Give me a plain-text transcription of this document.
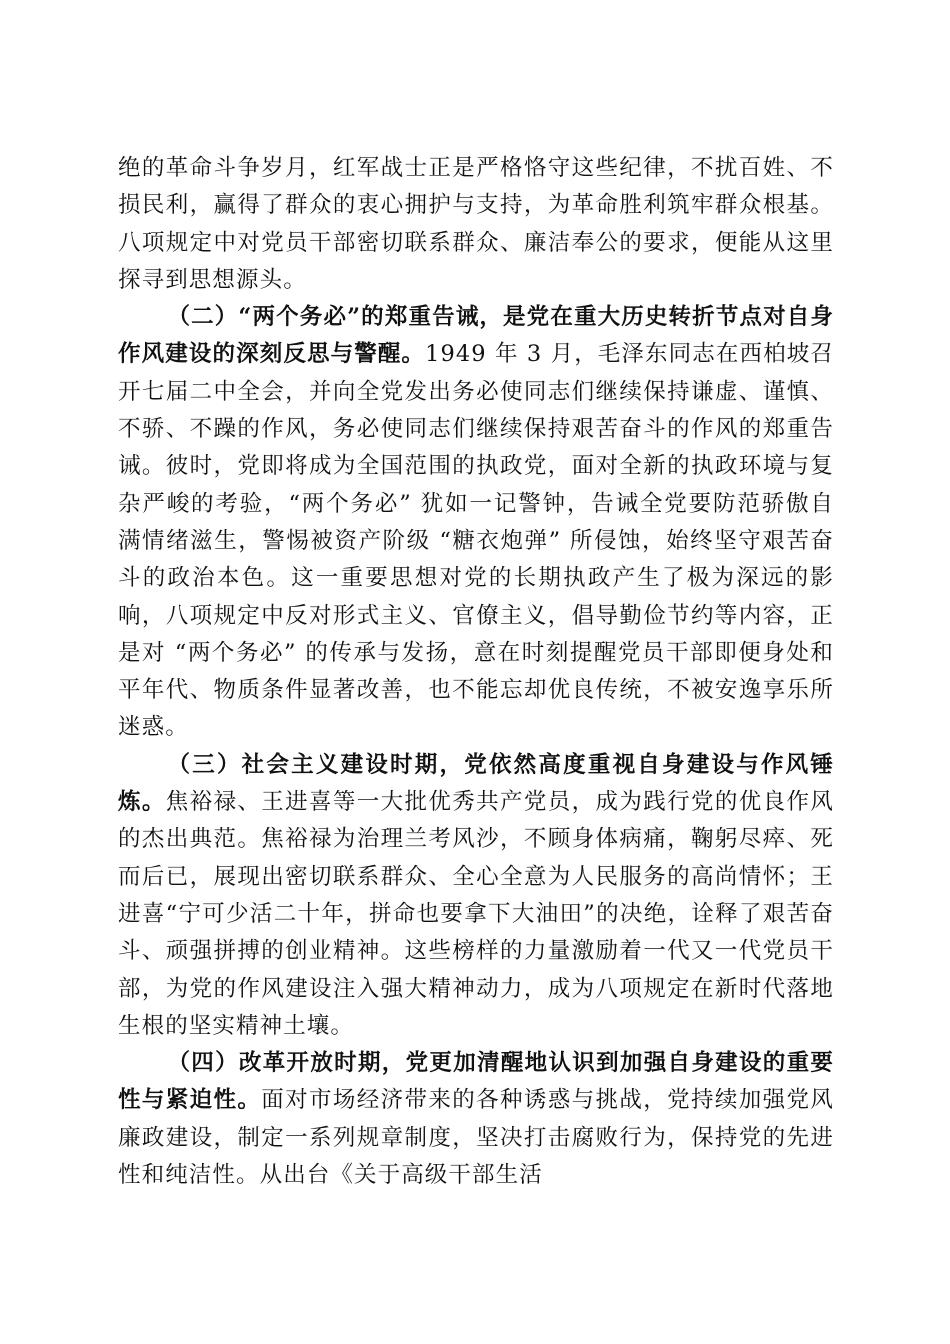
绝的革命斗争岁月，红军战士正是严格恪守这些纪律，不扰百姓、不损民利，赢得了群众的衷心拥护与支持，为革命胜利筑牢群众根基。八项规定中对党员干部密切联系群众、廉洁奉公的要求，便能从这里探寻到思想源头。

（二）“两个务必”的郑重告诫，是党在重大历史转折节点对自身作风建设的深刻反思与警醒。1949 年 3 月，毛泽东同志在西柏坡召开七届二中全会，并向全党发出务必使同志们继续保持谦虚、谨慎、不骄、不躁的作风，务必使同志们继续保持艰苦奋斗的作风的郑重告诫。彼时，党即将成为全国范围的执政党，面对全新的执政环境与复杂严峻的考验，“两个务必” 犹如一记警钟，告诫全党要防范骄傲自满情绪滋生，警惕被资产阶级 “糖衣炮弹” 所侵蚀，始终坚守艰苦奋斗的政治本色。这一重要思想对党的长期执政产生了极为深远的影响，八项规定中反对形式主义、官僚主义，倡导勤俭节约等内容，正是对 “两个务必” 的传承与发扬，意在时刻提醒党员干部即便身处和平年代、物质条件显著改善，也不能忘却优良传统，不被安逸享乐所迷惑。

（三）社会主义建设时期，党依然高度重视自身建设与作风锤炼。焦裕禄、王进喜等一大批优秀共产党员，成为践行党的优良作风的杰出典范。焦裕禄为治理兰考风沙，不顾身体病痛，鞠躬尽瘁、死而后已，展现出密切联系群众、全心全意为人民服务的高尚情怀；王进喜“宁可少活二十年，拼命也要拿下大油田”的决绝，诠释了艰苦奋斗、顽强拼搏的创业精神。这些榜样的力量激励着一代又一代党员干部，为党的作风建设注入强大精神动力，成为八项规定在新时代落地生根的坚实精神土壤。

（四）改革开放时期，党更加清醒地认识到加强自身建设的重要性与紧迫性。面对市场经济带来的各种诱惑与挑战，党持续加强党风廉政建设，制定一系列规章制度，坚决打击腐败行为，保持党的先进性和纯洁性。从出台《关于高级干部生活
